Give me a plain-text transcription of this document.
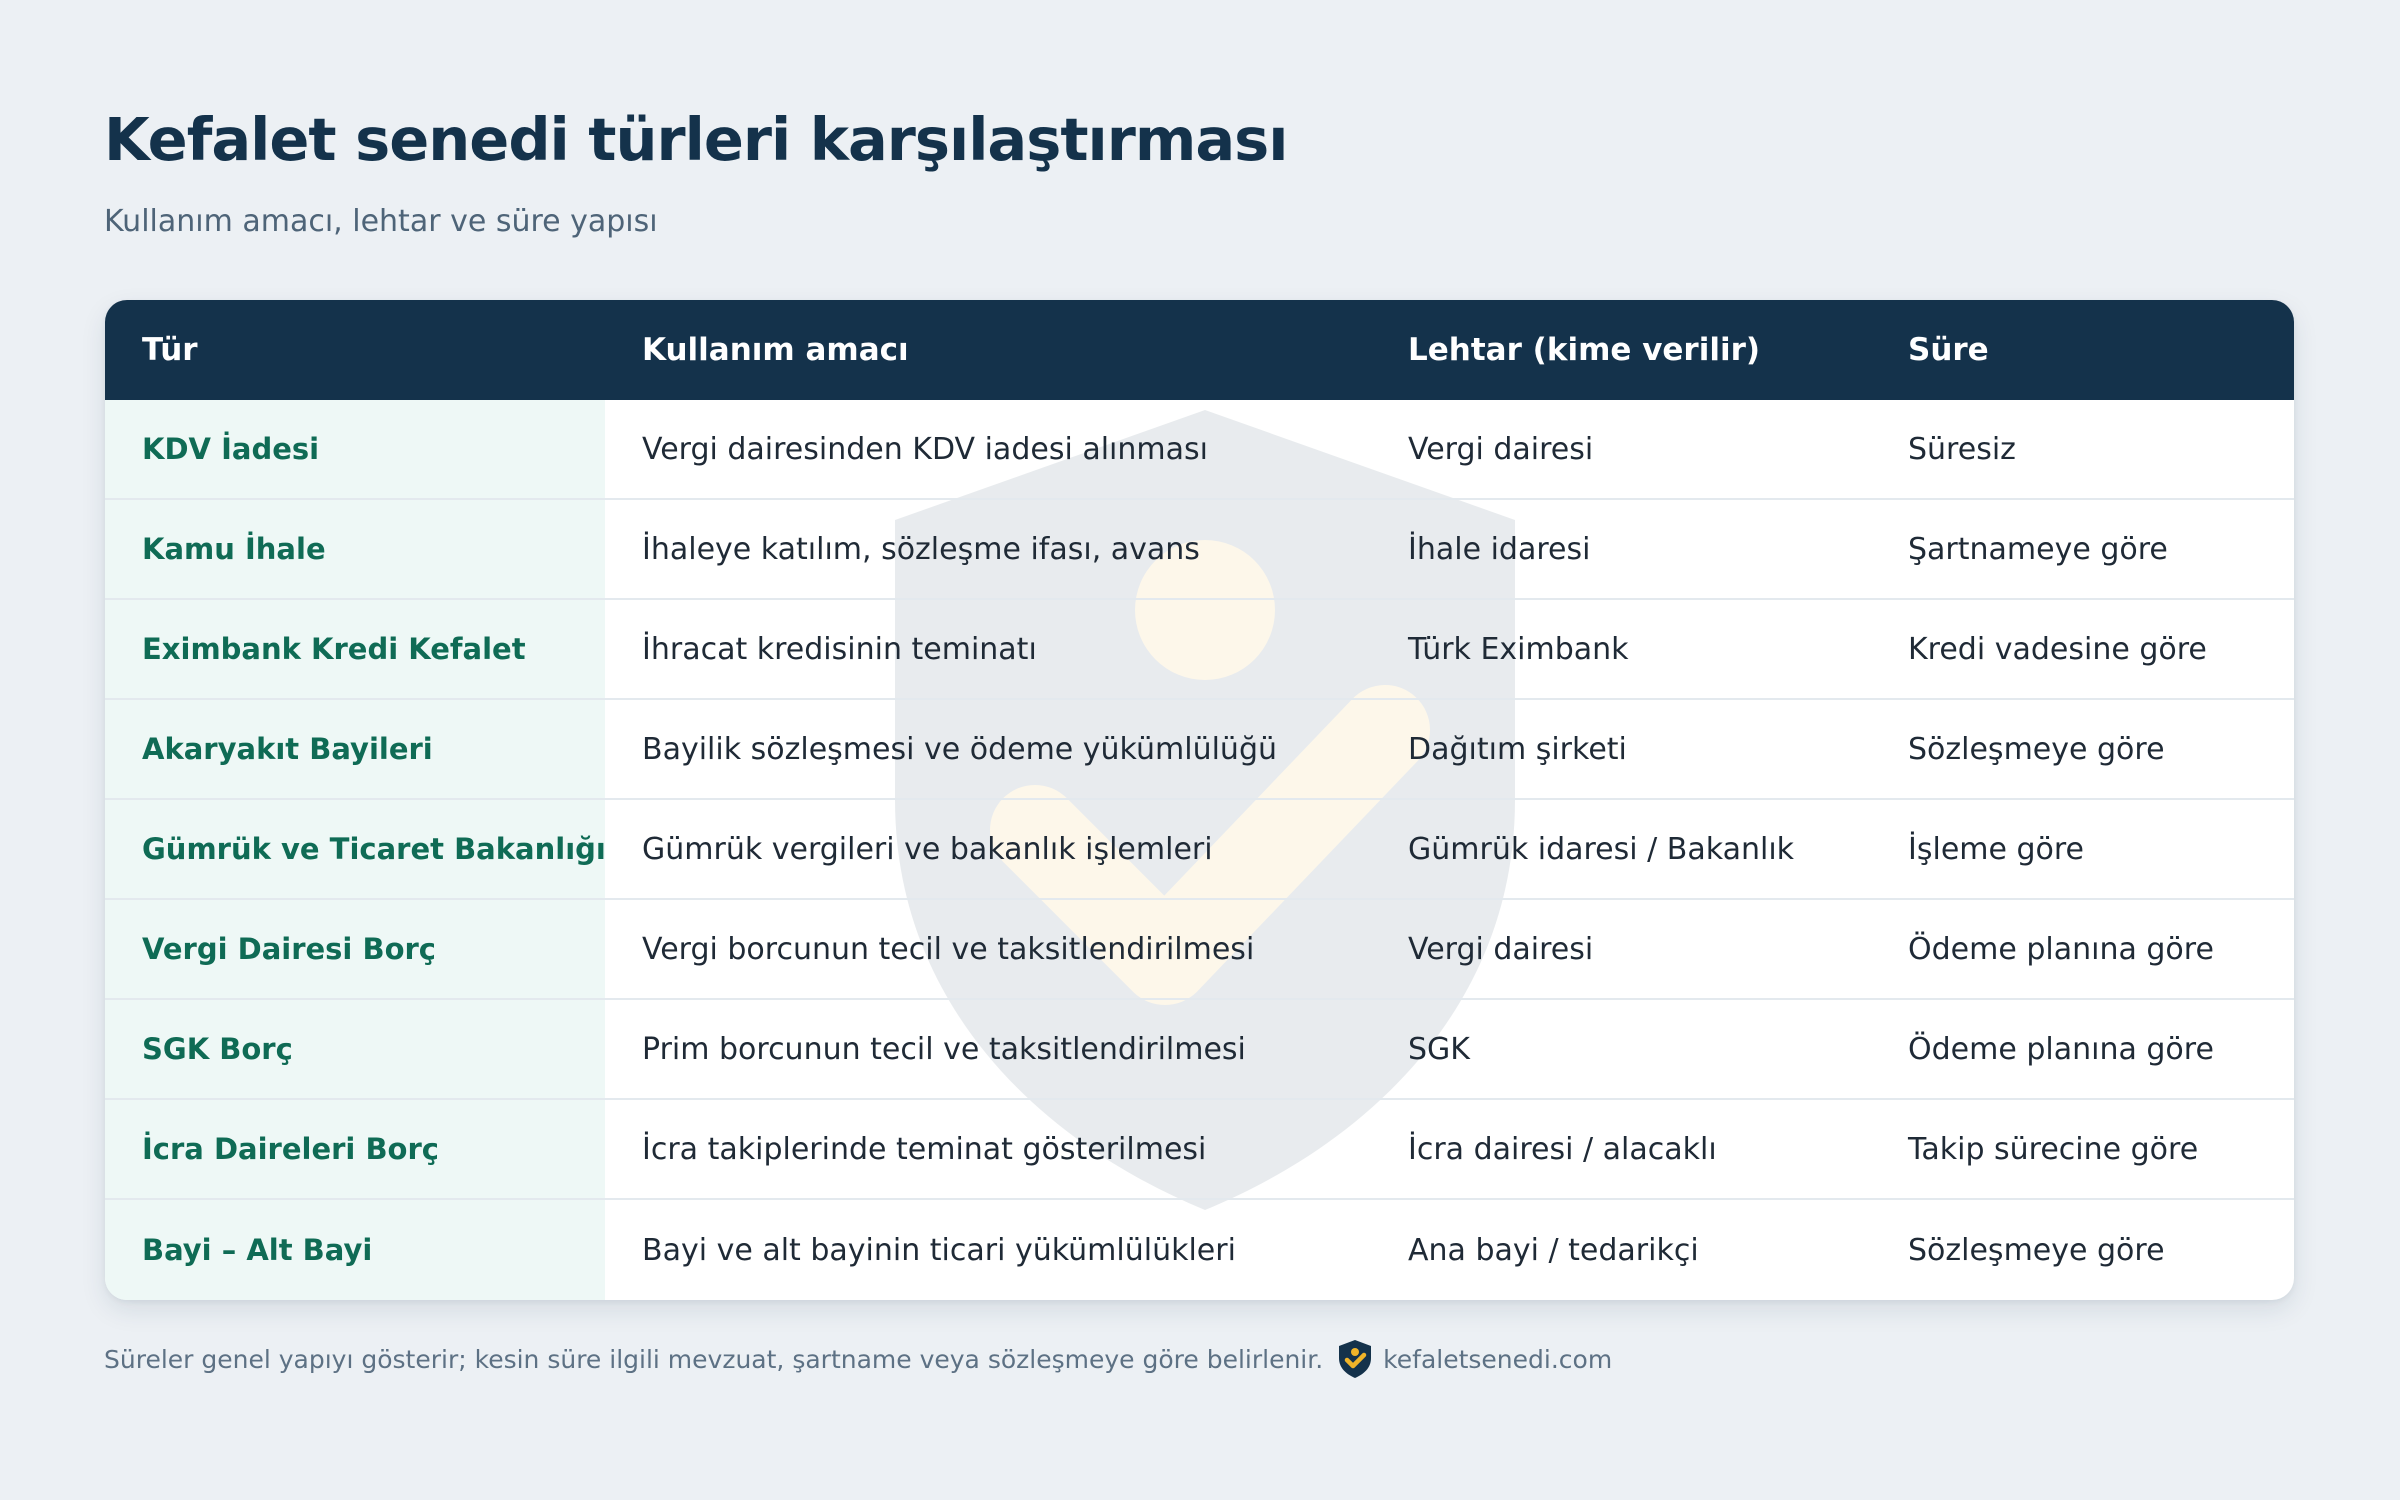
Kefalet senedi türleri karşılaştırması

Kullanım amacı, lehtar ve süre yapısı

Tür	Kullanım amacı	Lehtar (kime verilir)	Süre
KDV İadesi	Vergi dairesinden KDV iadesi alınması	Vergi dairesi	Süresiz
Kamu İhale	İhaleye katılım, sözleşme ifası, avans	İhale idaresi	Şartnameye göre
Eximbank Kredi Kefalet	İhracat kredisinin teminatı	Türk Eximbank	Kredi vadesine göre
Akaryakıt Bayileri	Bayilik sözleşmesi ve ödeme yükümlülüğü	Dağıtım şirketi	Sözleşmeye göre
Gümrük ve Ticaret Bakanlığı	Gümrük vergileri ve bakanlık işlemleri	Gümrük idaresi / Bakanlık	İşleme göre
Vergi Dairesi Borç	Vergi borcunun tecil ve taksitlendirilmesi	Vergi dairesi	Ödeme planına göre
SGK Borç	Prim borcunun tecil ve taksitlendirilmesi	SGK	Ödeme planına göre
İcra Daireleri Borç	İcra takiplerinde teminat gösterilmesi	İcra dairesi / alacaklı	Takip sürecine göre
Bayi – Alt Bayi	Bayi ve alt bayinin ticari yükümlülükleri	Ana bayi / tedarikçi	Sözleşmeye göre
Süreler genel yapıyı gösterir; kesin süre ilgili mevzuat, şartname veya sözleşmeye göre belirlenir. kefaletsenedi.com
